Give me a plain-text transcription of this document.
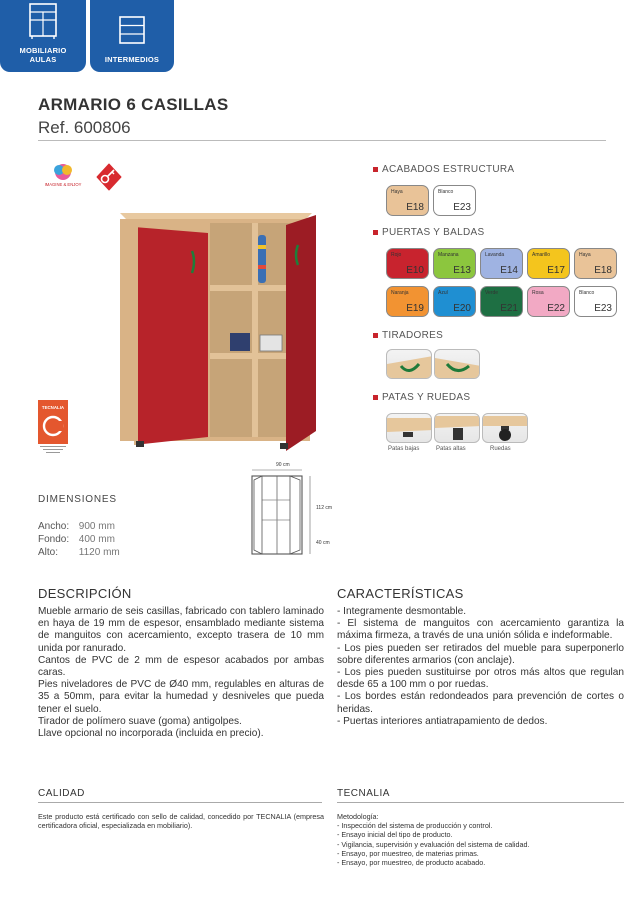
MOBILIARIO
AULAS	INTERMEDIOS
ARMARIO 6 CASILLAS
Ref. 600806
IMAGINE & ENJOY
TECNALIA
90 cm
112 cm
40 cm
DIMENSIONES
Ancho: 900 mm
Fondo: 400 mm
Alto: 1120 mm
ACABADOS ESTRUCTURA
Haya
E18
Blanco
E23
PUERTAS Y BALDAS
Rojo
E10
Manzana
E13
Lavanda
E14
Amarillo
E17
Haya
E18
Naranja
E19
Azul
E20
Verde
E21
Rosa
E22
Blanco
E23
TIRADORES
PATAS Y RUEDAS
Patas bajas	Patas altas	Ruedas
DESCRIPCIÓN

Mueble armario de seis casillas, fabricado con tablero laminado en haya de 19 mm de espesor, ensamblado mediante sistema de manguitos con acercamiento, excepto trasera de 10 mm unida por ranurado.

Cantos de PVC de 2 mm de espesor acabados por ambas caras.

Pies niveladores de PVC de Ø40 mm, regulables en alturas de 35 a 50mm, para evitar la humedad y desniveles que pueda tener el suelo.

Tirador de polímero suave (goma) antigolpes.

Llave opcional no incorporada (incluida en precio).

CARACTERÍSTICAS

- Integramente desmontable.

- El sistema de manguitos con acercamiento garantiza la máxima firmeza, a través de una unión sólida e indeformable.

- Los pies pueden ser retirados del mueble para superponerlo sobre diferentes armarios (con anclaje).

- Los pies pueden sustituirse por otros más altos que regulan desde 65 a 100 mm o por ruedas.

- Los bordes están redondeados para prevención de cortes o heridas.

- Puertas interiores antiatrapamiento de dedos.

CALIDAD
Este producto está certificado con sello de calidad, concedido por TECNALIA (empresa certificadora oficial, especializada en mobiliario).
TECNALIA

Metodología:

- Inspección del sistema de producción y control.

- Ensayo inicial del tipo de producto.

- Vigilancia, supervisión y evaluación del sistema de calidad.

- Ensayo, por muestreo, de materias primas.

- Ensayo, por muestreo, de producto acabado.
